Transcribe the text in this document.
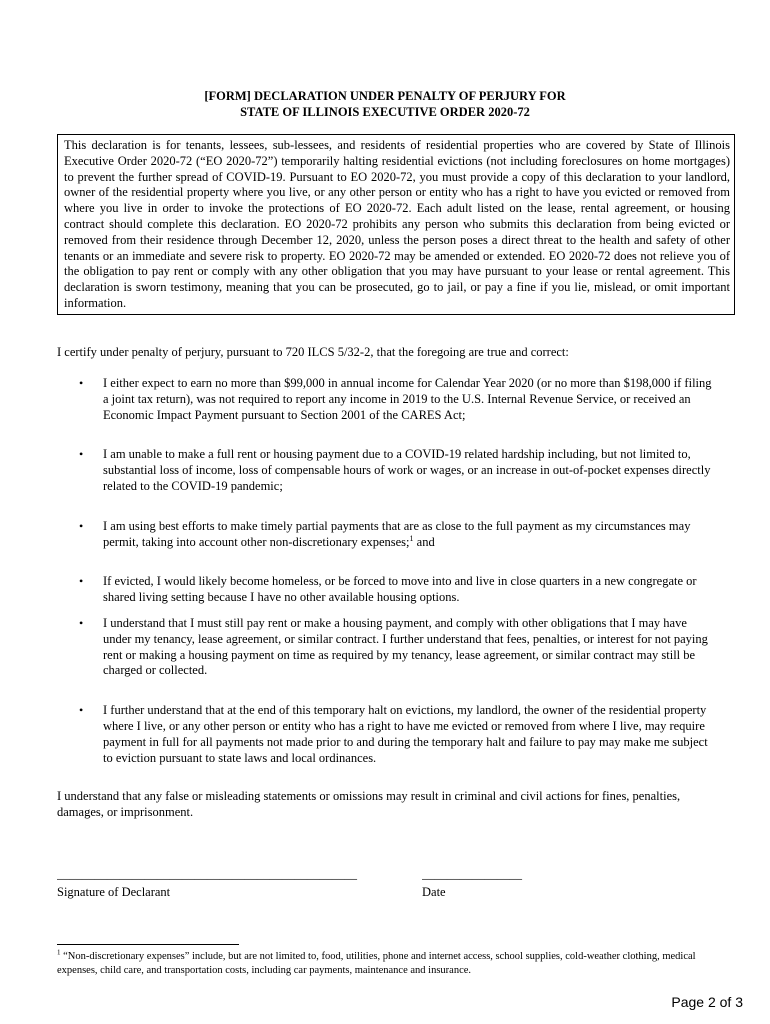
[FORM] DECLARATION UNDER PENALTY OF PERJURY FOR
STATE OF ILLINOIS EXECUTIVE ORDER 2020-72
This declaration is for tenants, lessees, sub-lessees, and residents of residential properties who are covered by State of Illinois Executive Order 2020-72 (“EO 2020-72”) temporarily halting residential evictions (not including foreclosures on home mortgages) to prevent the further spread of COVID-19. Pursuant to EO 2020-72, you must provide a copy of this declaration to your landlord, owner of the residential property where you live, or any other person or entity who has a right to have you evicted or removed from where you live in order to invoke the protections of EO 2020-72. Each adult listed on the lease, rental agreement, or housing contract should complete this declaration. EO 2020-72 prohibits any person who submits this declaration from being evicted or removed from their residence through December 12, 2020, unless the person poses a direct threat to the health and safety of other tenants or an immediate and severe risk to property. EO 2020-72 may be amended or extended. EO 2020-72 does not relieve you of the obligation to pay rent or comply with any other obligation that you may have pursuant to your lease or rental agreement. This declaration is sworn testimony, meaning that you can be prosecuted, go to jail, or pay a fine if you lie, mislead, or omit important information.
I certify under penalty of perjury, pursuant to 720 ILCS 5/32-2, that the foregoing are true and correct:
• I either expect to earn no more than $99,000 in annual income for Calendar Year 2020 (or no more than $198,000 if filing a joint tax return), was not required to report any income in 2019 to the U.S. Internal Revenue Service, or received an Economic Impact Payment pursuant to Section 2001 of the CARES Act;
• I am unable to make a full rent or housing payment due to a COVID-19 related hardship including, but not limited to, substantial loss of income, loss of compensable hours of work or wages, or an increase in out-of-pocket expenses directly related to the COVID-19 pandemic;
• I am using best efforts to make timely partial payments that are as close to the full payment as my circumstances may permit, taking into account other non-discretionary expenses;$^1$ and
• If evicted, I would likely become homeless, or be forced to move into and live in close quarters in a new congregate or shared living setting because I have no other available housing options.
• I understand that I must still pay rent or make a housing payment, and comply with other obligations that I may have under my tenancy, lease agreement, or similar contract. I further understand that fees, penalties, or interest for not paying rent or making a housing payment on time as required by my tenancy, lease agreement, or similar contract may still be charged or collected.
• I further understand that at the end of this temporary halt on evictions, my landlord, the owner of the residential property where I live, or any other person or entity who has a right to have me evicted or removed from where I live, may require payment in full for all payments not made prior to and during the temporary halt and failure to pay may make me subject to eviction pursuant to state laws and local ordinances.
I understand that any false or misleading statements or omissions may result in criminal and civil actions for fines, penalties, damages, or imprisonment.
________________________________________________	________________
Signature of Declarant	Date
$^1$ “Non-discretionary expenses” include, but are not limited to, food, utilities, phone and internet access, school supplies, cold-weather clothing, medical expenses, child care, and transportation costs, including car payments, maintenance and insurance.
Page 2 of 3
